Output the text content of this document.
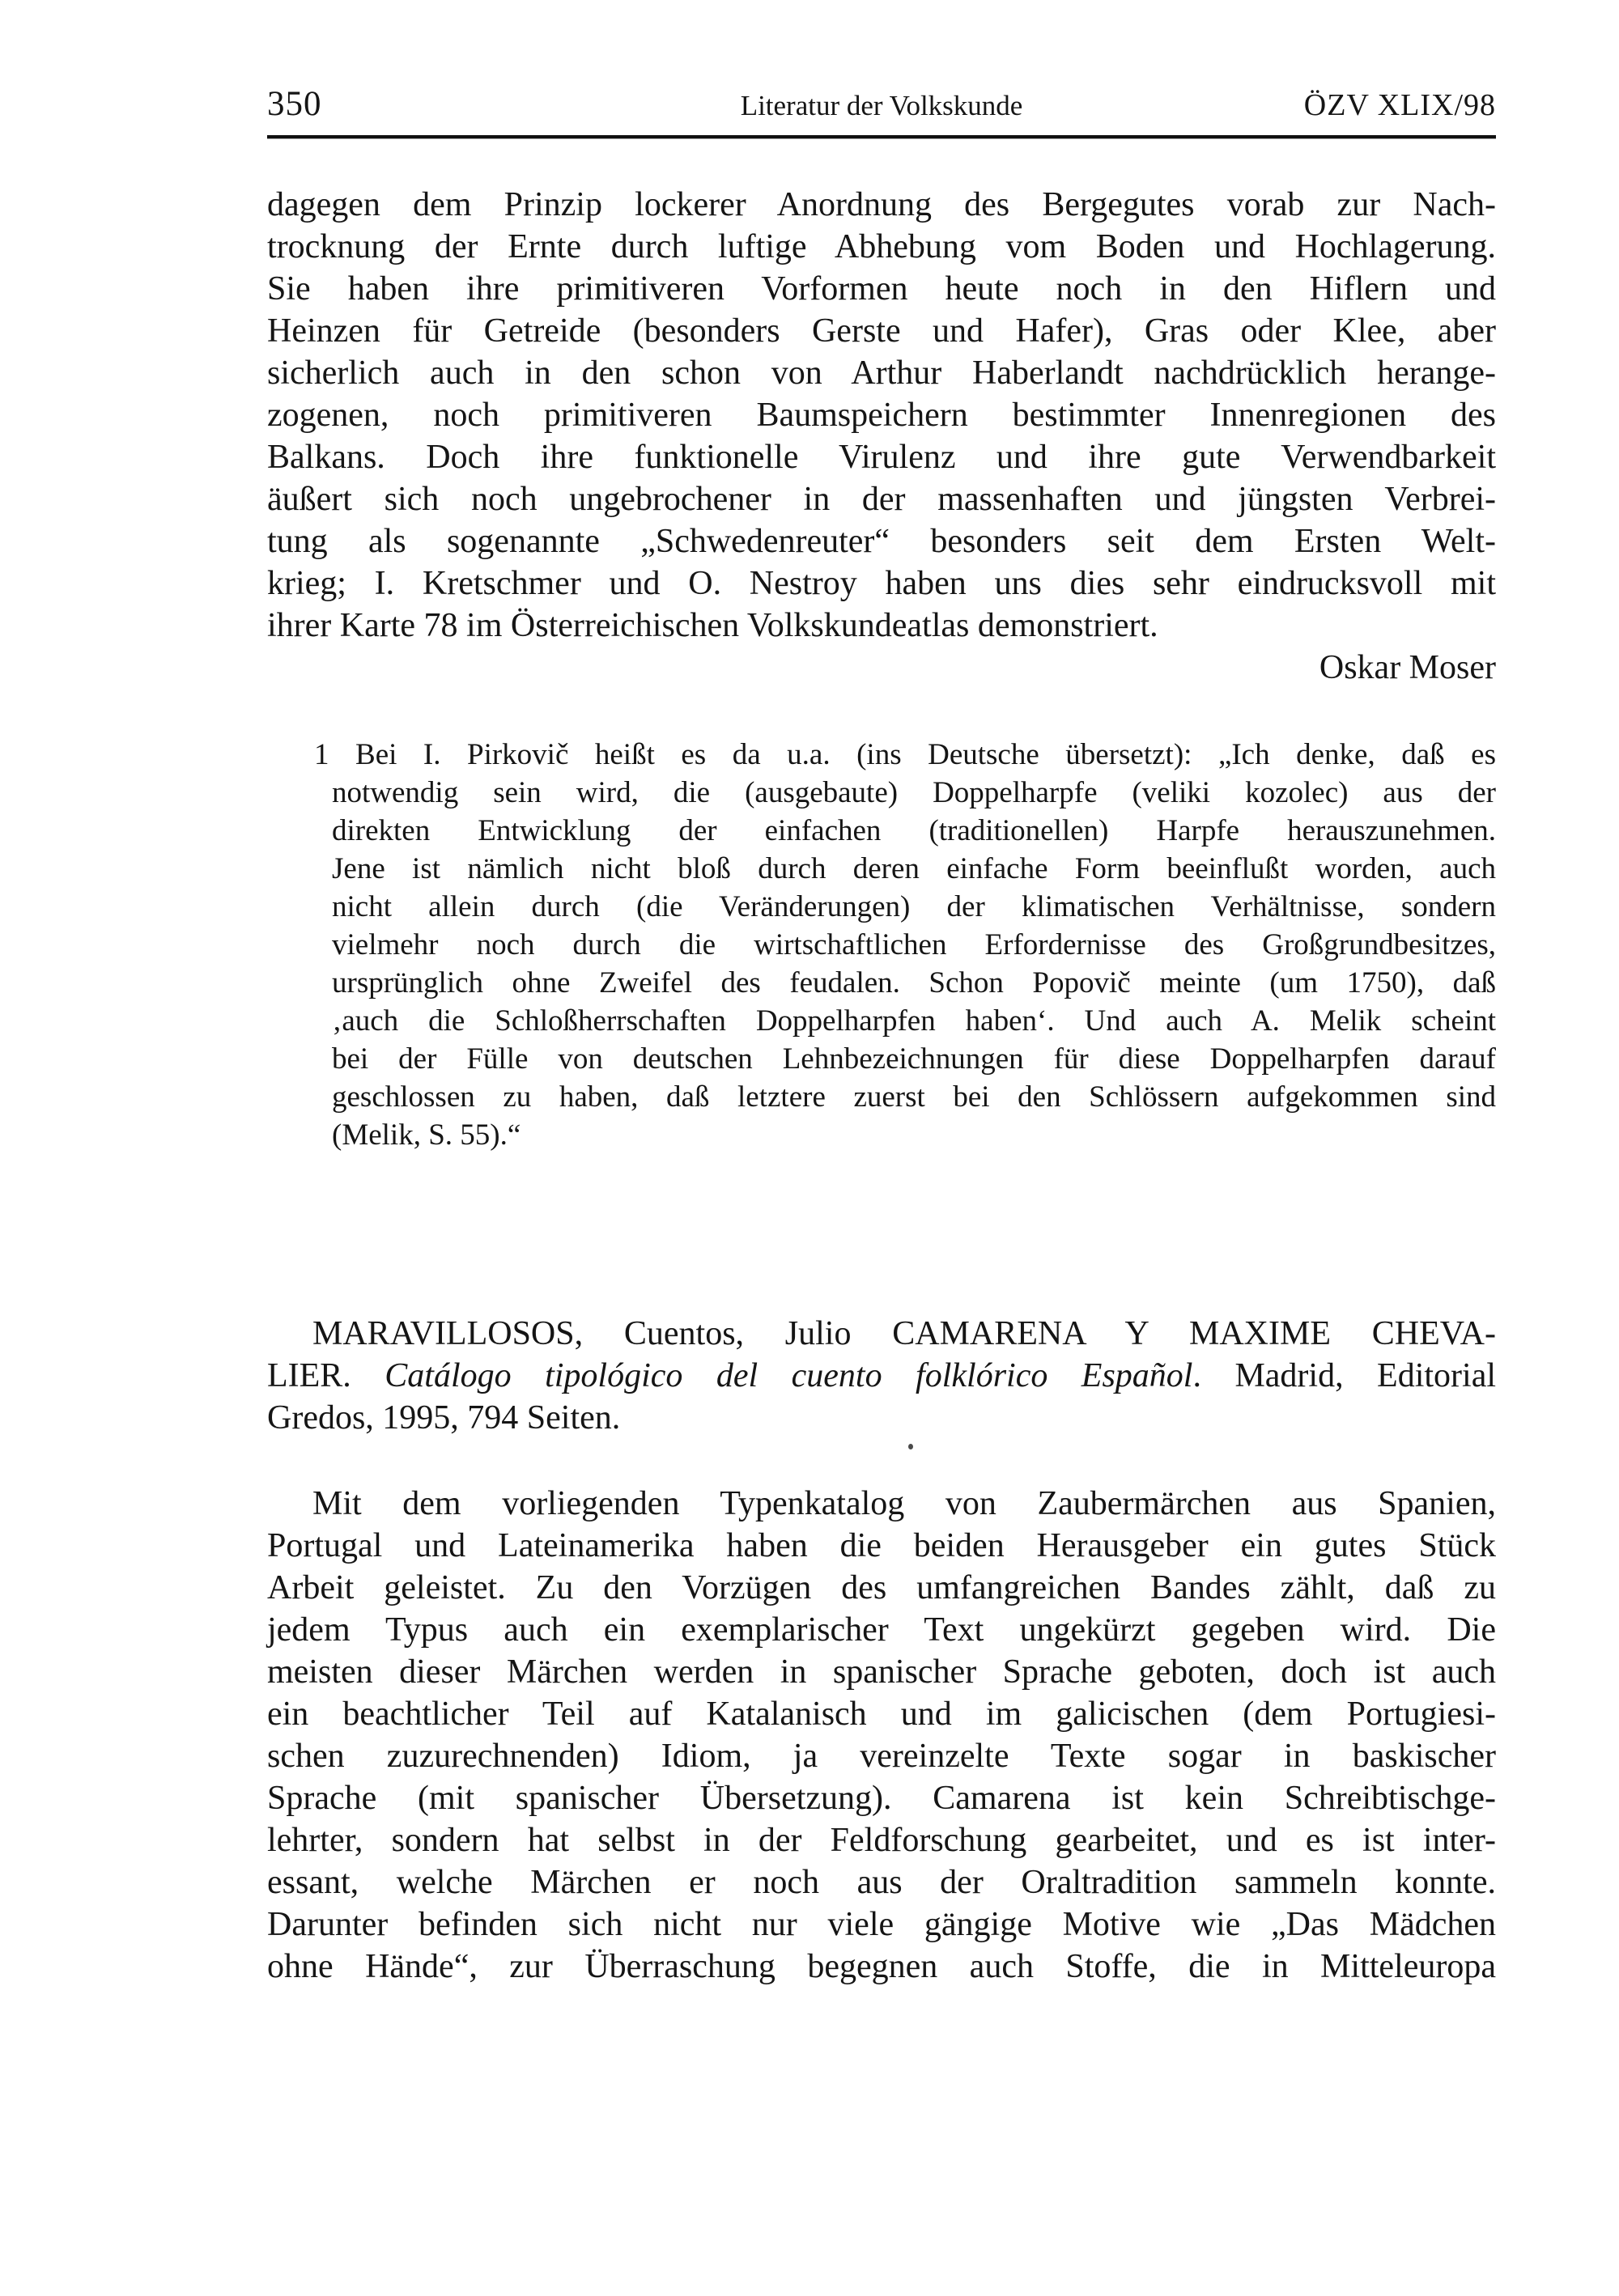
350	Literatur der Volkskunde	ÖZV XLIX/98
dagegen dem Prinzip lockerer Anordnung des Bergegutes vorab zur Nach-
trocknung der Ernte durch luftige Abhebung vom Boden und Hochlagerung.
Sie haben ihre primitiveren Vorformen heute noch in den Hiflern und
Heinzen für Getreide (besonders Gerste und Hafer), Gras oder Klee, aber
sicherlich auch in den schon von Arthur Haberlandt nachdrücklich herange-
zogenen, noch primitiveren Baumspeichern bestimmter Innenregionen des
Balkans. Doch ihre funktionelle Virulenz und ihre gute Verwendbarkeit
äußert sich noch ungebrochener in der massenhaften und jüngsten Verbrei-
tung als sogenannte „Schwedenreuter“ besonders seit dem Ersten Welt-
krieg; I. Kretschmer und O. Nestroy haben uns dies sehr eindrucksvoll mit
ihrer Karte 78 im Österreichischen Volkskundeatlas demonstriert.
Oskar Moser
1 Bei I. Pirkovič heißt es da u.a. (ins Deutsche übersetzt): „Ich denke, daß es
notwendig sein wird, die (ausgebaute) Doppelharpfe (veliki kozolec) aus der
direkten Entwicklung der einfachen (traditionellen) Harpfe herauszunehmen.
Jene ist nämlich nicht bloß durch deren einfache Form beeinflußt worden, auch
nicht allein durch (die Veränderungen) der klimatischen Verhältnisse, sondern
vielmehr noch durch die wirtschaftlichen Erfordernisse des Großgrundbesitzes,
ursprünglich ohne Zweifel des feudalen. Schon Popovič meinte (um 1750), daß
‚auch die Schloßherrschaften Doppelharpfen haben‘. Und auch A. Melik scheint
bei der Fülle von deutschen Lehnbezeichnungen für diese Doppelharpfen darauf
geschlossen zu haben, daß letztere zuerst bei den Schlössern aufgekommen sind
(Melik, S. 55).“
MARAVILLOSOS, Cuentos, Julio CAMARENA Y MAXIME CHEVA-
LIER. Catálogo tipológico del cuento folklórico Español. Madrid, Editorial
Gredos, 1995, 794 Seiten.
Mit dem vorliegenden Typenkatalog von Zaubermärchen aus Spanien,
Portugal und Lateinamerika haben die beiden Herausgeber ein gutes Stück
Arbeit geleistet. Zu den Vorzügen des umfangreichen Bandes zählt, daß zu
jedem Typus auch ein exemplarischer Text ungekürzt gegeben wird. Die
meisten dieser Märchen werden in spanischer Sprache geboten, doch ist auch
ein beachtlicher Teil auf Katalanisch und im galicischen (dem Portugiesi-
schen zuzurechnenden) Idiom, ja vereinzelte Texte sogar in baskischer
Sprache (mit spanischer Übersetzung). Camarena ist kein Schreibtischge-
lehrter, sondern hat selbst in der Feldforschung gearbeitet, und es ist inter-
essant, welche Märchen er noch aus der Oraltradition sammeln konnte.
Darunter befinden sich nicht nur viele gängige Motive wie „Das Mädchen
ohne Hände“, zur Überraschung begegnen auch Stoffe, die in Mitteleuropa
